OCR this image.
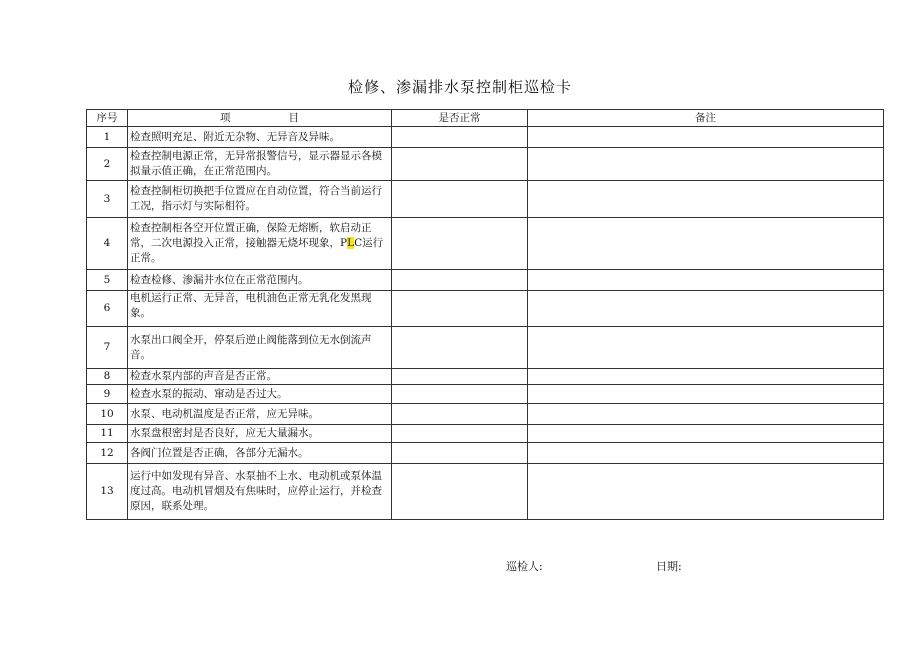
检修、渗漏排水泵控制柜巡检卡
序号	项 目	是否正常	备注
1	检查照明充足、附近无杂物、无异音及异味。		
2	检查控制电源正常，无异常报警信号，显示器显示各模拟量示值正确，在正常范围内。		
3	检查控制柜切换把手位置应在自动位置，符合当前运行工况，指示灯与实际相符。		
4	检查控制柜各空开位置正确，保险无熔断，软启动正常，二次电源投入正常，接触器无烧坏现象，PLC运行正常。		
5	检查检修、渗漏井水位在正常范围内。		
6	电机运行正常、无异音，电机油色正常无乳化发黑现象。		
7	水泵出口阀全开，停泵后逆止阀能落到位无水倒流声音。		
8	检查水泵内部的声音是否正常。		
9	检查水泵的振动、窜动是否过大。		
10	水泵、电动机温度是否正常，应无异味。		
11	水泵盘根密封是否良好，应无大量漏水。		
12	各阀门位置是否正确，各部分无漏水。		
13	运行中如发现有异音、水泵抽不上水、电动机或泵体温度过高。电动机冒烟及有焦味时，应停止运行，并检查原因，联系处理。		
巡检人:	日期:
